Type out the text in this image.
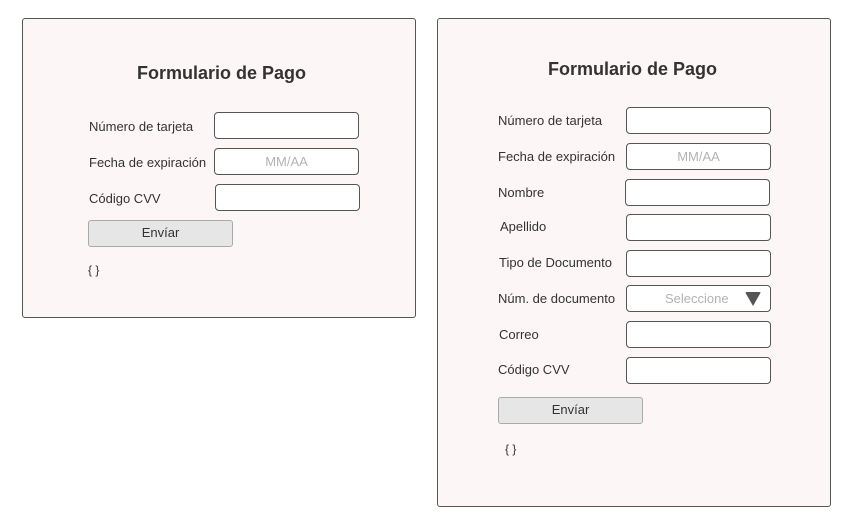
Formulario de Pago
Número de tarjeta
Fecha de expiración
MM/AA
Código CVV
Envíar
{ }
Formulario de Pago
Número de tarjeta
Fecha de expiración
MM/AA
Nombre
Apellido
Tipo de Documento
Núm. de documento	Seleccione
Correo
Código CVV
Envíar
{ }
